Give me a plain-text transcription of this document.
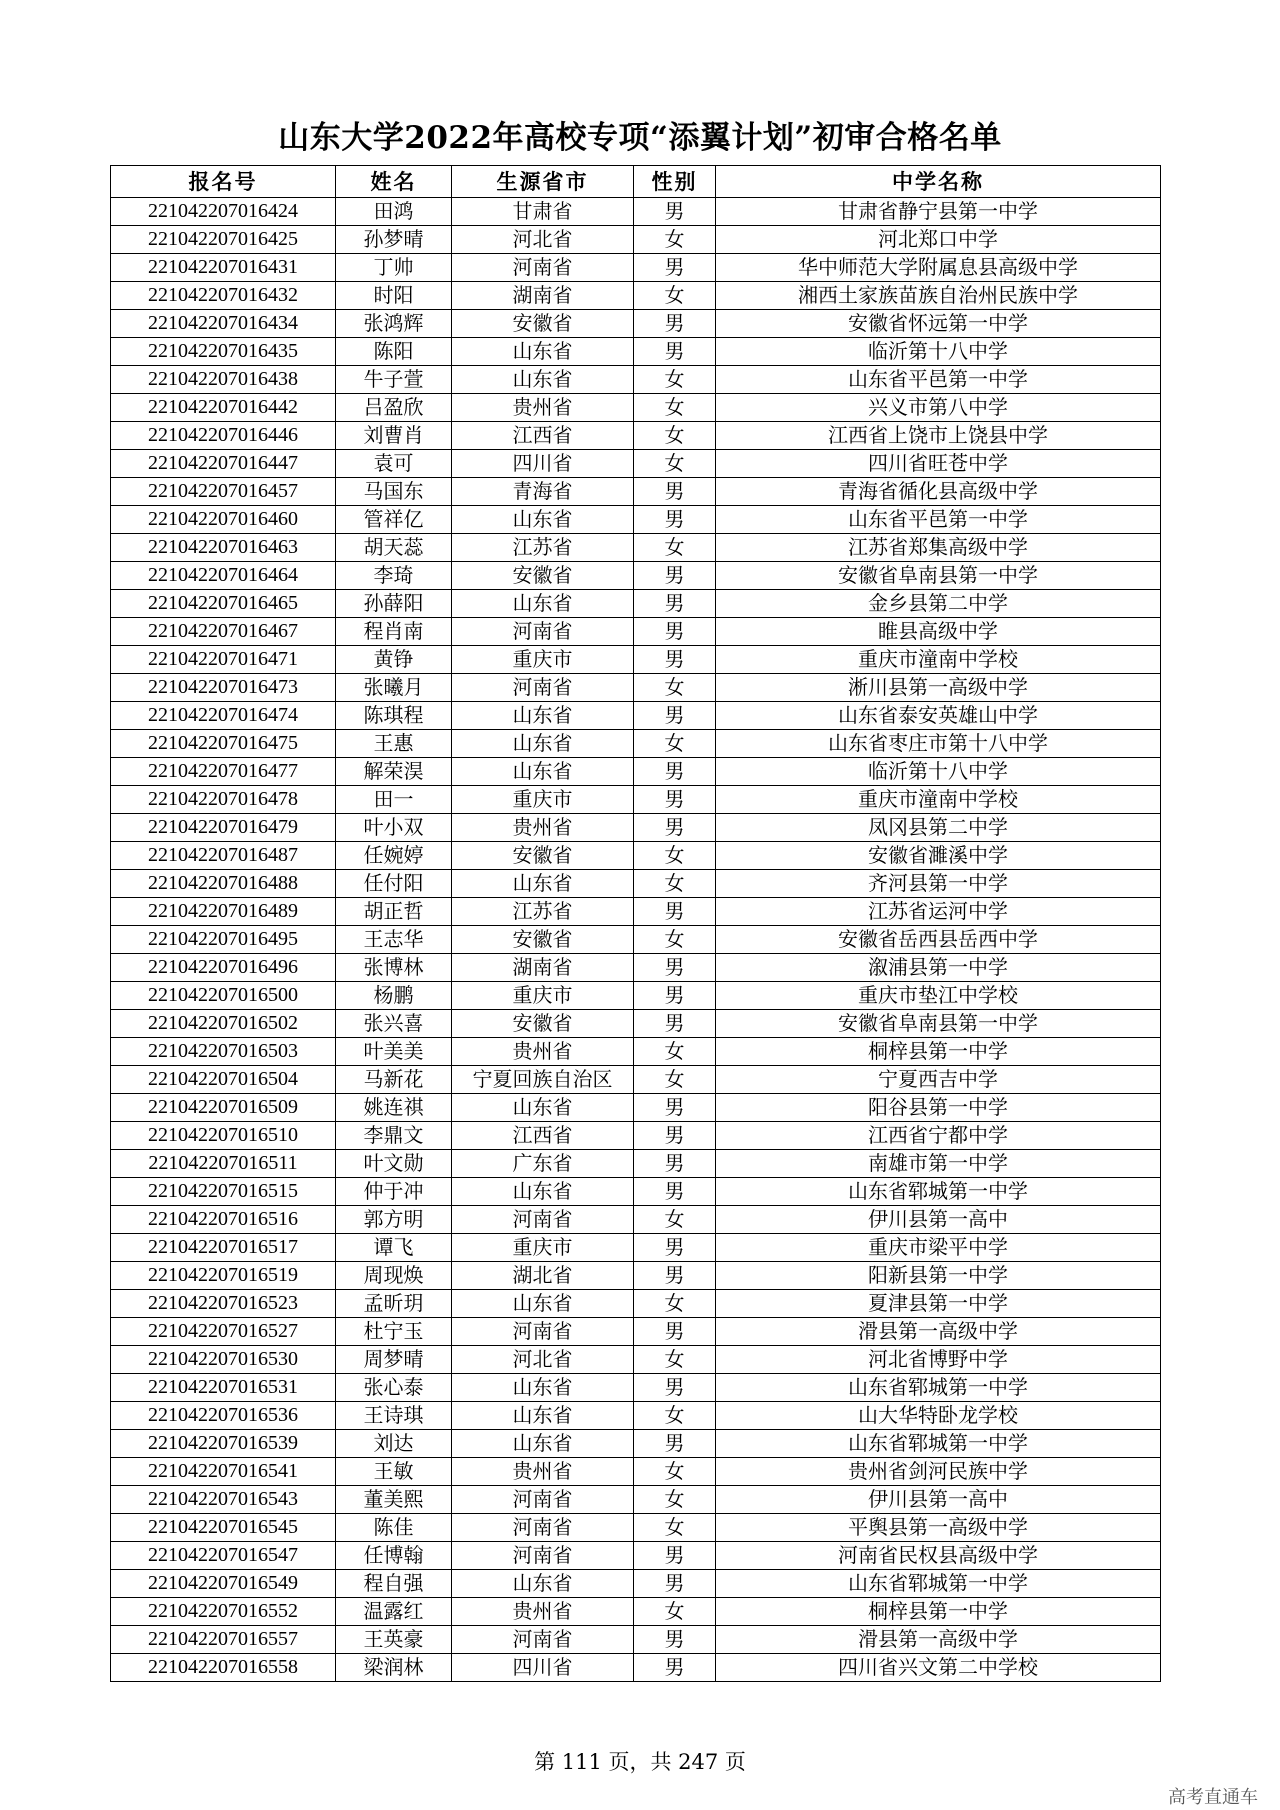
山东大学2022年高校专项“添翼计划”初审合格名单
报名号	姓名	生源省市	性别	中学名称
221042207016424	田鸿	甘肃省	男	甘肃省静宁县第一中学
221042207016425	孙梦晴	河北省	女	河北郑口中学
221042207016431	丁帅	河南省	男	华中师范大学附属息县高级中学
221042207016432	时阳	湖南省	女	湘西土家族苗族自治州民族中学
221042207016434	张鸿辉	安徽省	男	安徽省怀远第一中学
221042207016435	陈阳	山东省	男	临沂第十八中学
221042207016438	牛子萱	山东省	女	山东省平邑第一中学
221042207016442	吕盈欣	贵州省	女	兴义市第八中学
221042207016446	刘曹肖	江西省	女	江西省上饶市上饶县中学
221042207016447	袁可	四川省	女	四川省旺苍中学
221042207016457	马国东	青海省	男	青海省循化县高级中学
221042207016460	管祥亿	山东省	男	山东省平邑第一中学
221042207016463	胡天蕊	江苏省	女	江苏省郑集高级中学
221042207016464	李琦	安徽省	男	安徽省阜南县第一中学
221042207016465	孙薛阳	山东省	男	金乡县第二中学
221042207016467	程肖南	河南省	男	睢县高级中学
221042207016471	黄铮	重庆市	男	重庆市潼南中学校
221042207016473	张曦月	河南省	女	淅川县第一高级中学
221042207016474	陈琪程	山东省	男	山东省泰安英雄山中学
221042207016475	王惠	山东省	女	山东省枣庄市第十八中学
221042207016477	解荣淏	山东省	男	临沂第十八中学
221042207016478	田一	重庆市	男	重庆市潼南中学校
221042207016479	叶小双	贵州省	男	凤冈县第二中学
221042207016487	任婉婷	安徽省	女	安徽省濉溪中学
221042207016488	任付阳	山东省	女	齐河县第一中学
221042207016489	胡正哲	江苏省	男	江苏省运河中学
221042207016495	王志华	安徽省	女	安徽省岳西县岳西中学
221042207016496	张博林	湖南省	男	溆浦县第一中学
221042207016500	杨鹏	重庆市	男	重庆市垫江中学校
221042207016502	张兴喜	安徽省	男	安徽省阜南县第一中学
221042207016503	叶美美	贵州省	女	桐梓县第一中学
221042207016504	马新花	宁夏回族自治区	女	宁夏西吉中学
221042207016509	姚连祺	山东省	男	阳谷县第一中学
221042207016510	李鼎文	江西省	男	江西省宁都中学
221042207016511	叶文勋	广东省	男	南雄市第一中学
221042207016515	仲于冲	山东省	男	山东省郓城第一中学
221042207016516	郭方明	河南省	女	伊川县第一高中
221042207016517	谭飞	重庆市	男	重庆市梁平中学
221042207016519	周现焕	湖北省	男	阳新县第一中学
221042207016523	孟昕玥	山东省	女	夏津县第一中学
221042207016527	杜宁玉	河南省	男	滑县第一高级中学
221042207016530	周梦晴	河北省	女	河北省博野中学
221042207016531	张心泰	山东省	男	山东省郓城第一中学
221042207016536	王诗琪	山东省	女	山大华特卧龙学校
221042207016539	刘达	山东省	男	山东省郓城第一中学
221042207016541	王敏	贵州省	女	贵州省剑河民族中学
221042207016543	董美熙	河南省	女	伊川县第一高中
221042207016545	陈佳	河南省	女	平舆县第一高级中学
221042207016547	任博翰	河南省	男	河南省民权县高级中学
221042207016549	程自强	山东省	男	山东省郓城第一中学
221042207016552	温露红	贵州省	女	桐梓县第一中学
221042207016557	王英豪	河南省	男	滑县第一高级中学
221042207016558	梁润林	四川省	男	四川省兴文第二中学校
第 111 页，共 247 页
高考直通车
